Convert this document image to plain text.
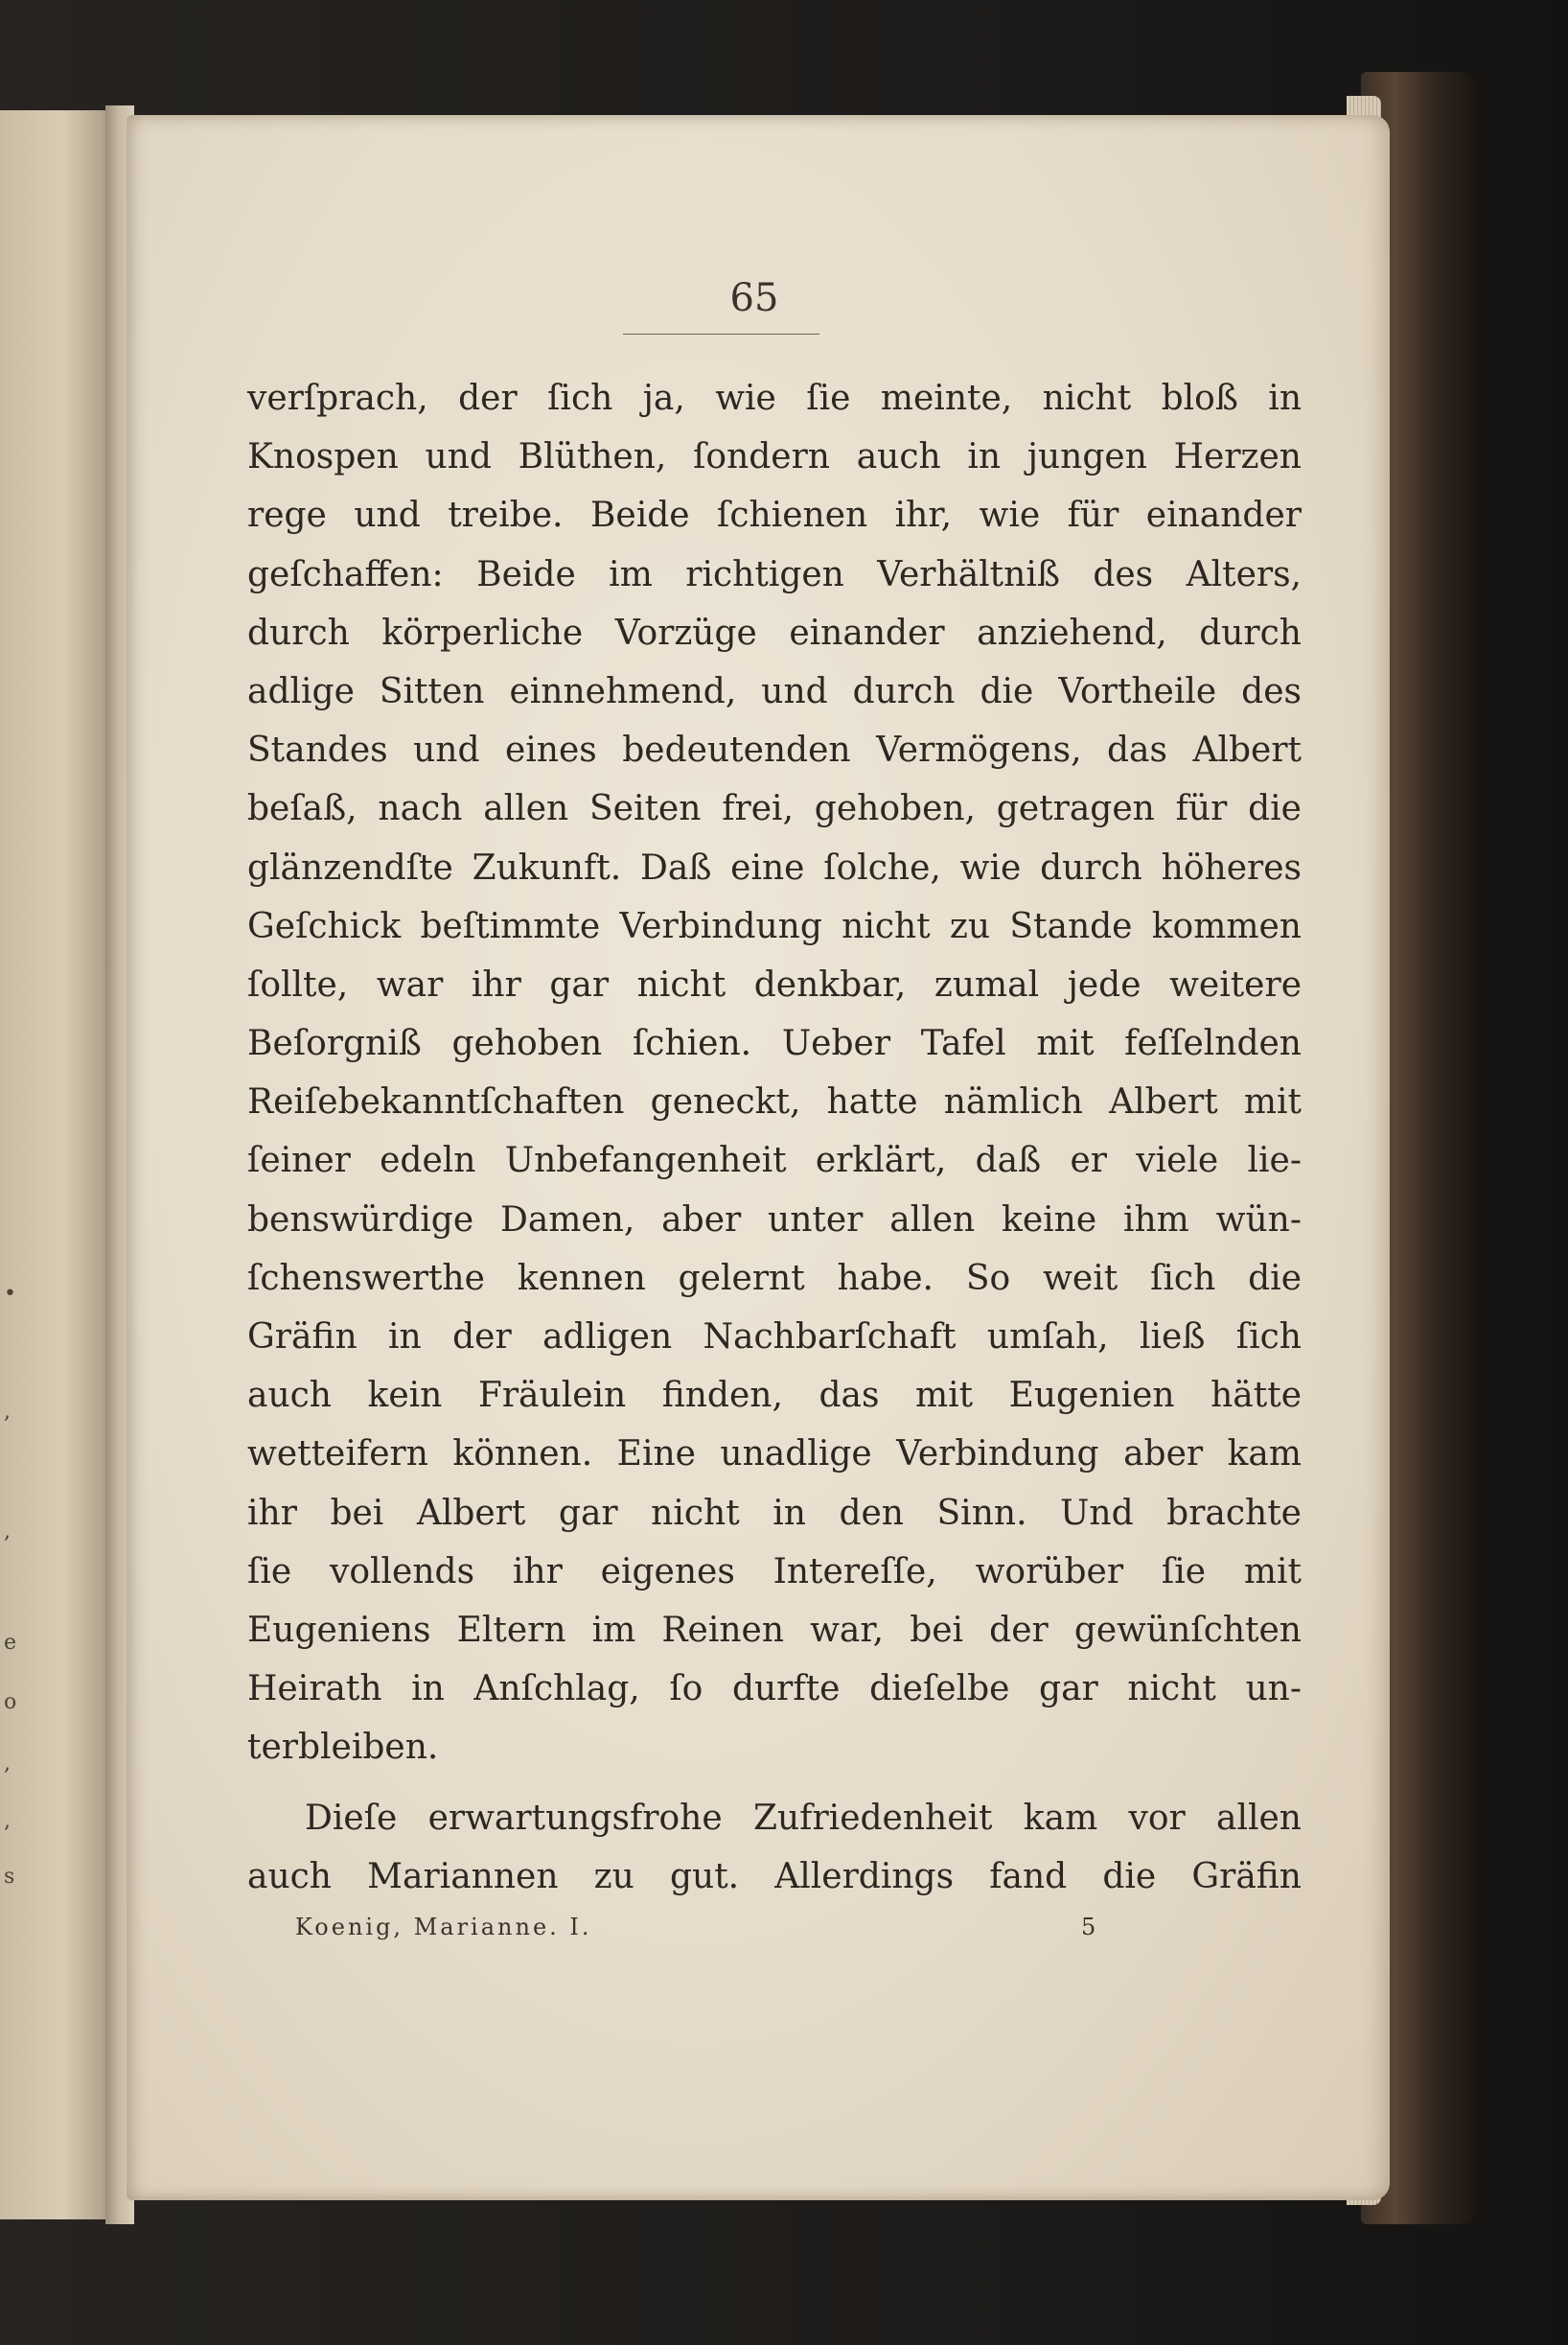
•
,
,
e
o
,
,
s
65
verſprach, der ſich ja, wie ſie meinte, nicht bloß in
Knospen und Blüthen, ſondern auch in jungen Herzen
rege und treibe. Beide ſchienen ihr, wie für einander
geſchaffen: Beide im richtigen Verhältniß des Alters,
durch körperliche Vorzüge einander anziehend, durch
adlige Sitten einnehmend, und durch die Vortheile des
Standes und eines bedeutenden Vermögens, das Albert
beſaß, nach allen Seiten frei, gehoben, getragen für die
glänzendſte Zukunft. Daß eine ſolche, wie durch höheres
Geſchick beſtimmte Verbindung nicht zu Stande kommen
ſollte, war ihr gar nicht denkbar, zumal jede weitere
Beſorgniß gehoben ſchien. Ueber Tafel mit feſſelnden
Reiſebekanntſchaften geneckt, hatte nämlich Albert mit
ſeiner edeln Unbefangenheit erklärt, daß er viele lie-
benswürdige Damen, aber unter allen keine ihm wün-
ſchenswerthe kennen gelernt habe. So weit ſich die
Gräfin in der adligen Nachbarſchaft umſah, ließ ſich
auch kein Fräulein finden, das mit Eugenien hätte
wetteifern können. Eine unadlige Verbindung aber kam
ihr bei Albert gar nicht in den Sinn. Und brachte
ſie vollends ihr eigenes Intereſſe, worüber ſie mit
Eugeniens Eltern im Reinen war, bei der gewünſchten
Heirath in Anſchlag, ſo durfte dieſelbe gar nicht un-
terbleiben.
Dieſe erwartungsfrohe Zufriedenheit kam vor allen
auch Mariannen zu gut. Allerdings fand die Gräfin
Koenig, Marianne. I.	5
